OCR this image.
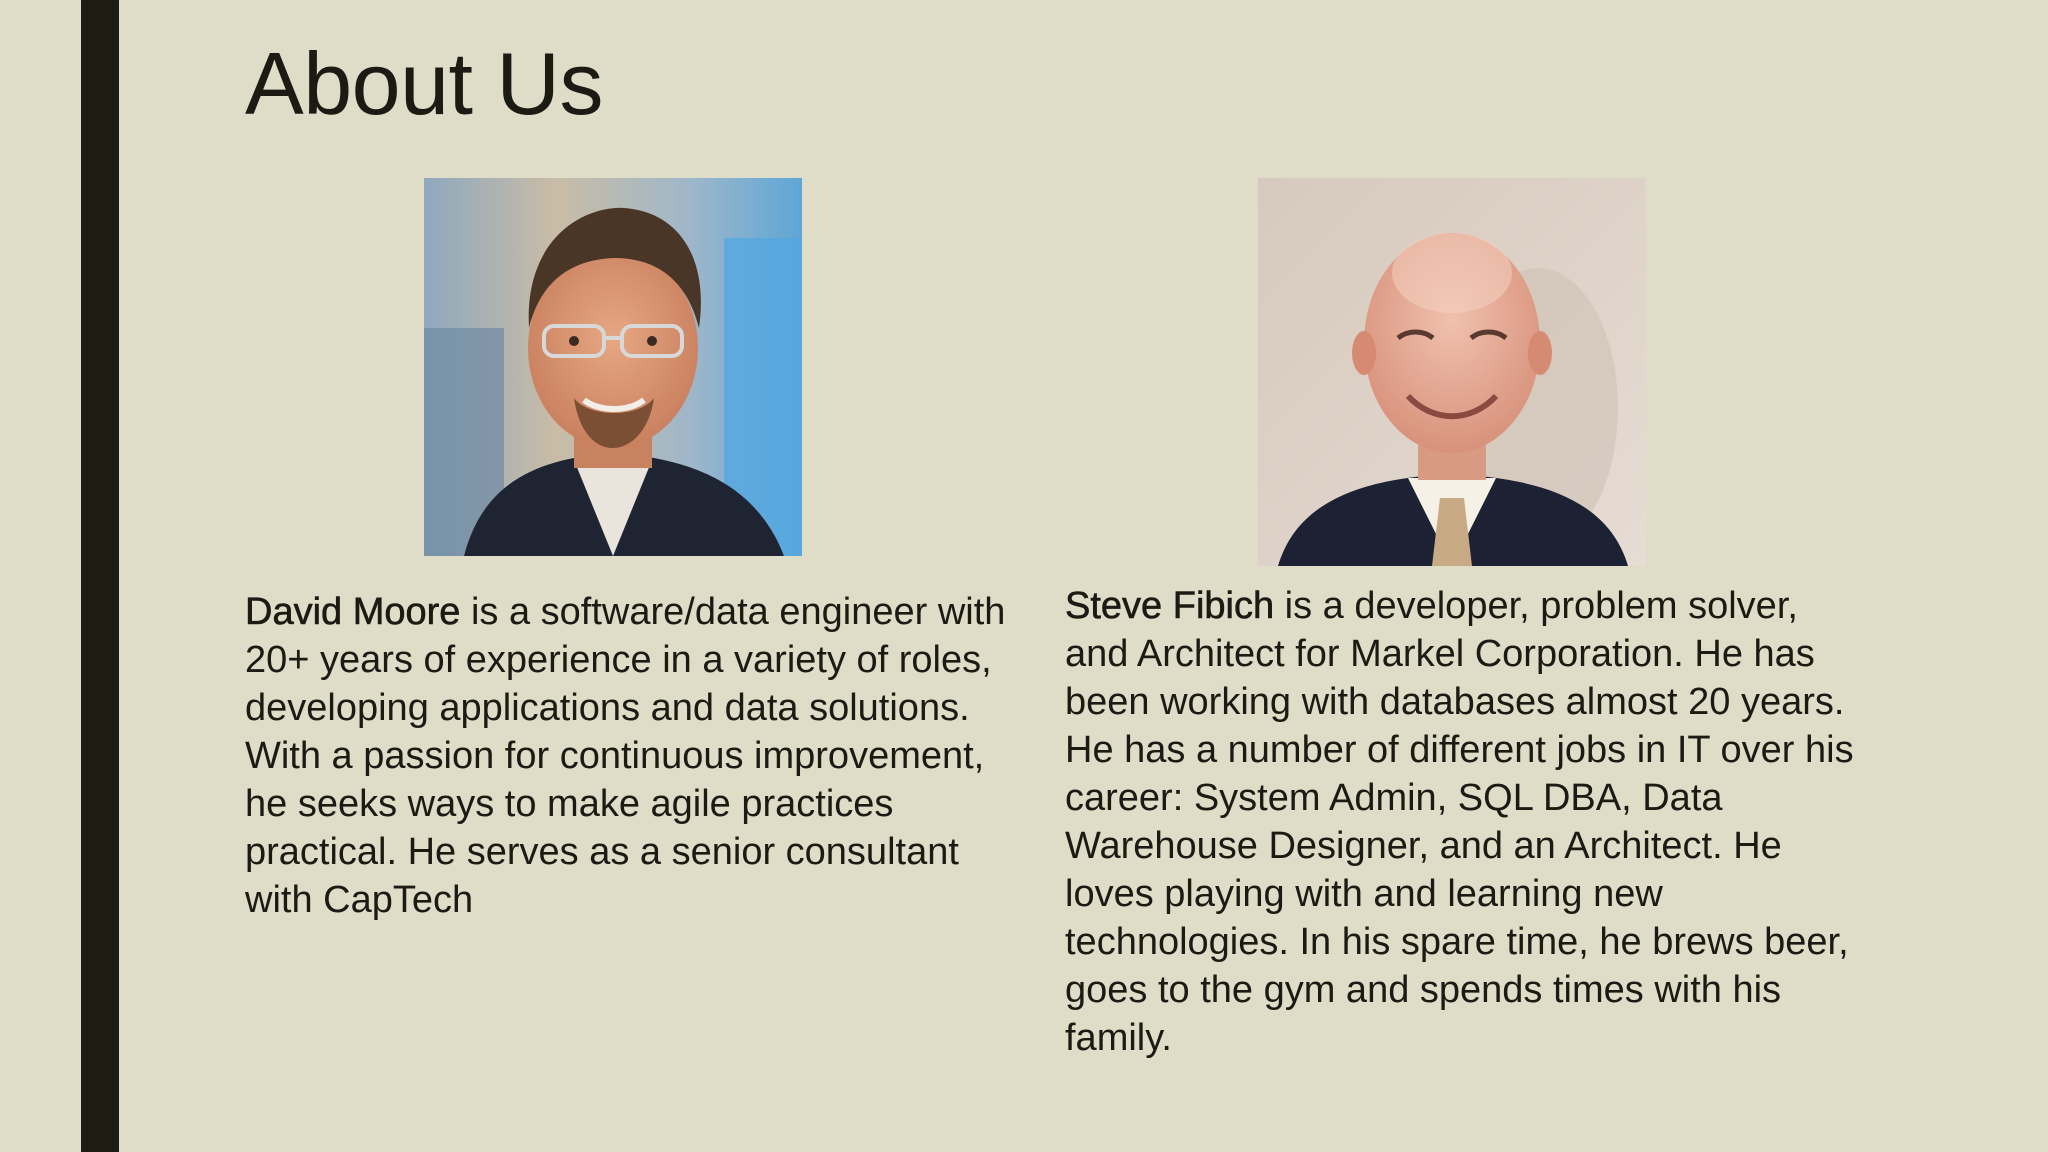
About Us

David Moore is a software/data engineer with 20+ years of experience in a variety of roles, developing applications and data solutions. With a passion for continuous improvement, he seeks ways to make agile practices practical. He serves as a senior consultant with CapTech

Steve Fibich is a developer, problem solver, and Architect for Markel Corporation. He has been working with databases almost 20 years. He has a number of different jobs in IT over his career: System Admin, SQL DBA, Data Warehouse Designer, and an Architect. He loves playing with and learning new technologies. In his spare time, he brews beer, goes to the gym and spends times with his family.
